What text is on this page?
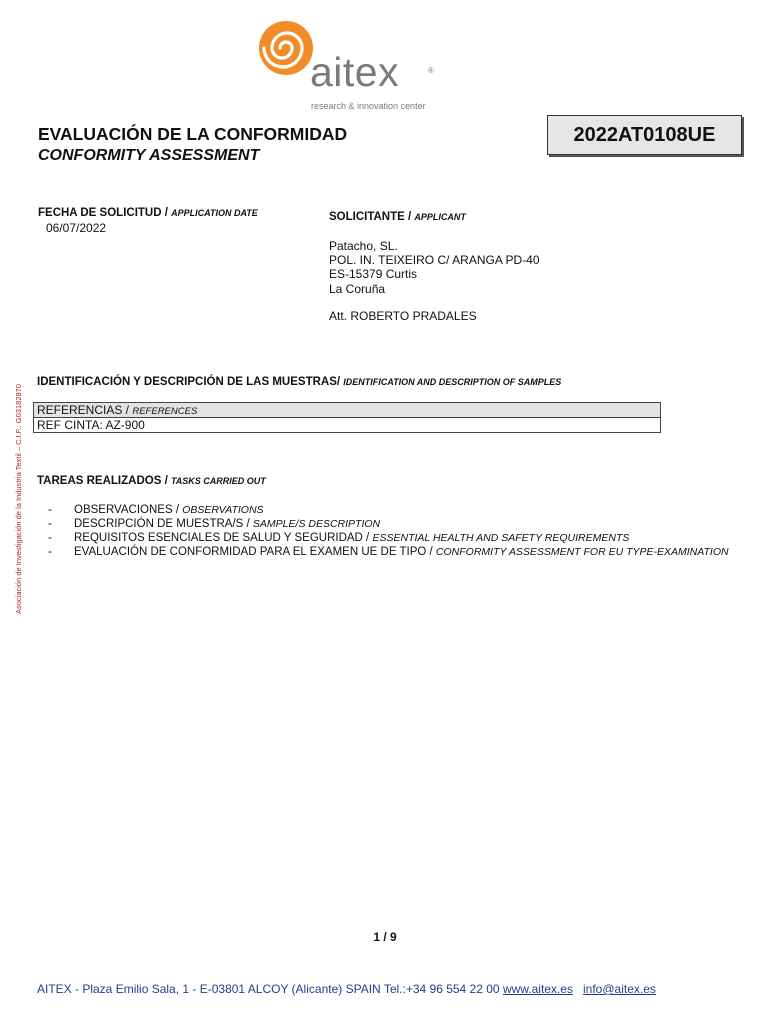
aitex	®
research & innovation center
EVALUACIÓN DE LA CONFORMIDAD
CONFORMITY ASSESSMENT
2022AT0108UE
FECHA DE SOLICITUD / APPLICATION DATE
06/07/2022
SOLICITANTE / APPLICANT
Patacho, SL.
POL. IN. TEIXEIRO C/ ARANGA PD-40
ES-15379 Curtis
La Coruña
Att. ROBERTO PRADALES
Asociación de Investigación de la Industria Textil – C.I.F.: G03182870
IDENTIFICACIÓN Y DESCRIPCIÓN DE LAS MUESTRAS/ IDENTIFICATION AND DESCRIPTION OF SAMPLES
REFERENCIAS / REFERENCES
REF CINTA: AZ-900
TAREAS REALIZADOS / TASKS CARRIED OUT
- OBSERVACIONES / OBSERVATIONS
- DESCRIPCIÓN DE MUESTRA/S / SAMPLE/S DESCRIPTION
- REQUISITOS ESENCIALES DE SALUD Y SEGURIDAD / ESSENTIAL HEALTH AND SAFETY REQUIREMENTS
- EVALUACIÓN DE CONFORMIDAD PARA EL EXAMEN UE DE TIPO / CONFORMITY ASSESSMENT FOR EU TYPE-EXAMINATION
1 / 9
AITEX - Plaza Emilio Sala, 1 - E-03801 ALCOY (Alicante) SPAIN Tel.:+34 96 554 22 00 www.aitex.es info@aitex.es
